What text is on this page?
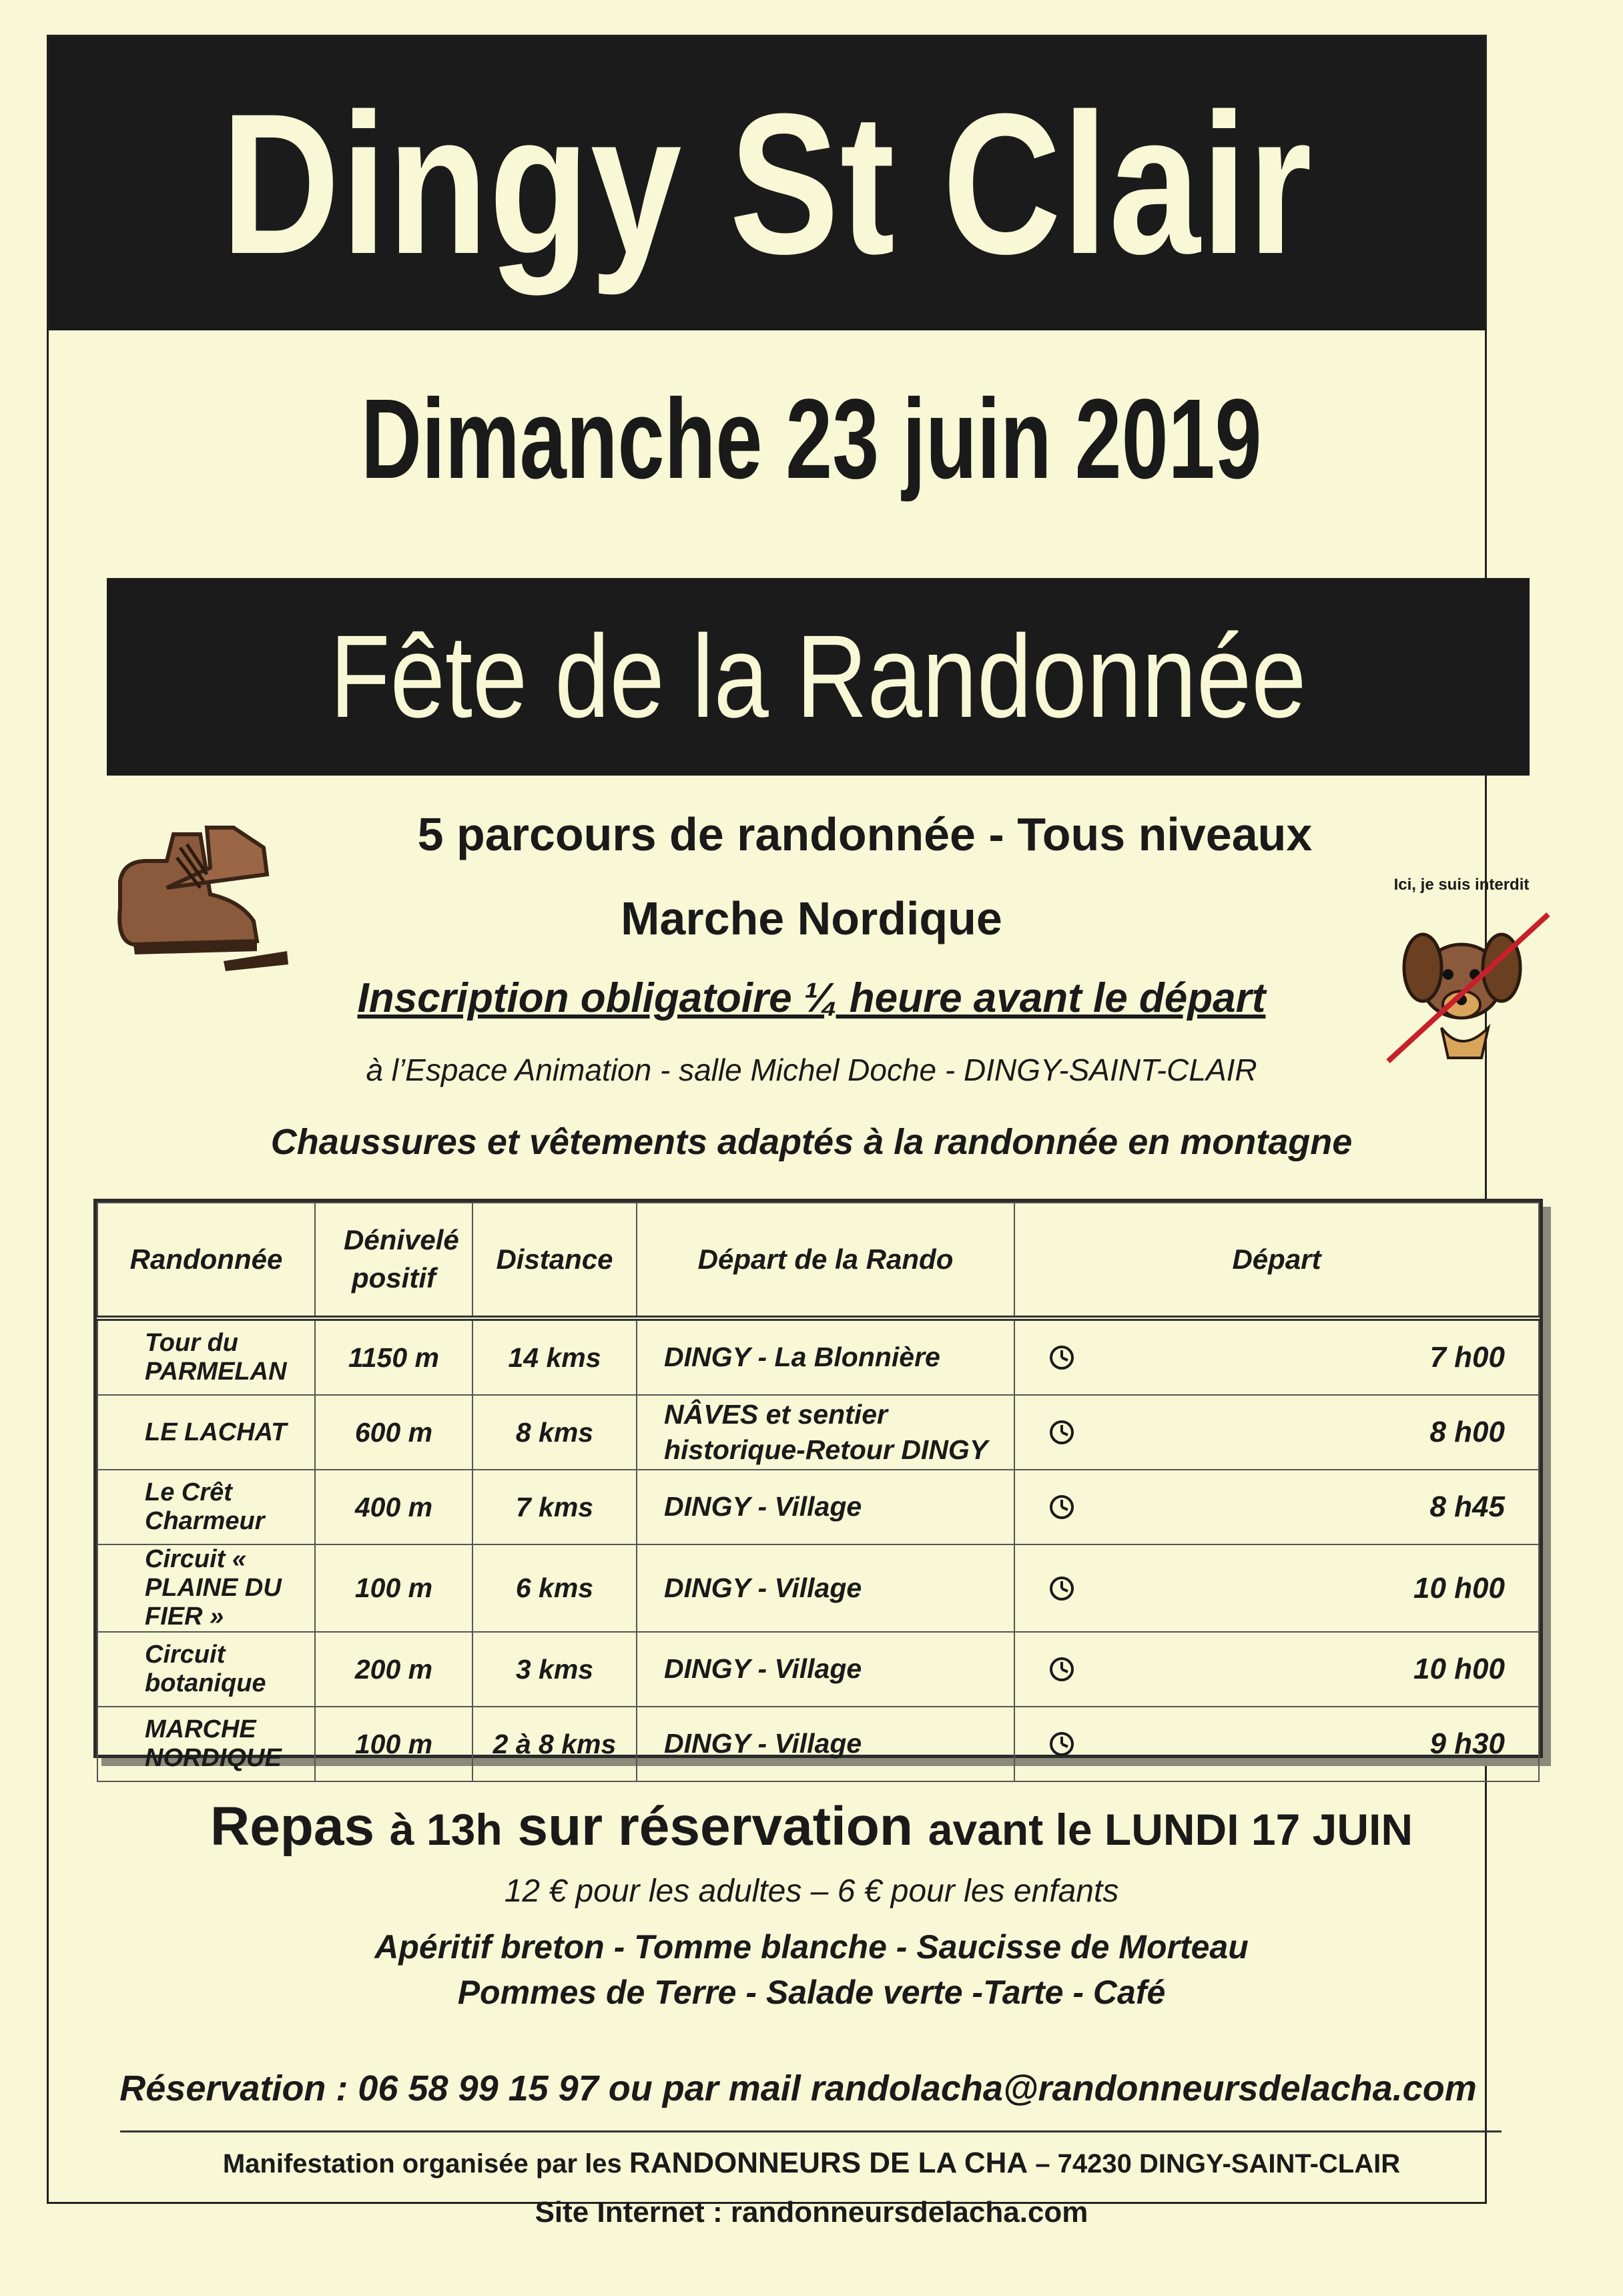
Dingy St Clair
Dimanche 23 juin 2019
Fête de la Randonnée
5 parcours de randonnée - Tous niveaux
Marche Nordique
Inscription obligatoire ¼ heure avant le départ
à l’Espace Animation - salle Michel Doche - DINGY-SAINT-CLAIR
Chaussures et vêtements adaptés à la randonnée en montagne
Ici, je suis interdit
Randonnée	Dénivelé positif	Distance	Départ de la Rando	Départ
Tour du PARMELAN	1150 m	14 kms	DINGY - La Blonnière	7 h00
LE LACHAT	600 m	8 kms	NÂVES et sentier historique-Retour DINGY	8 h00
Le Crêt Charmeur	400 m	7 kms	DINGY - Village	8 h45
Circuit « PLAINE DU FIER »	100 m	6 kms	DINGY - Village	10 h00
Circuit botanique	200 m	3 kms	DINGY - Village	10 h00
MARCHE NORDIQUE	100 m	2 à 8 kms	DINGY - Village	9 h30
Repas à 13h sur réservation avant le LUNDI 17 JUIN
12 € pour les adultes – 6 € pour les enfants
Apéritif breton - Tomme blanche - Saucisse de Morteau
Pommes de Terre - Salade verte -Tarte - Café
Réservation : 06 58 99 15 97 ou par mail randolacha@randonneursdelacha.com
Manifestation organisée par les RANDONNEURS DE LA CHA – 74230 DINGY-SAINT-CLAIR
Site Internet : randonneursdelacha.com
